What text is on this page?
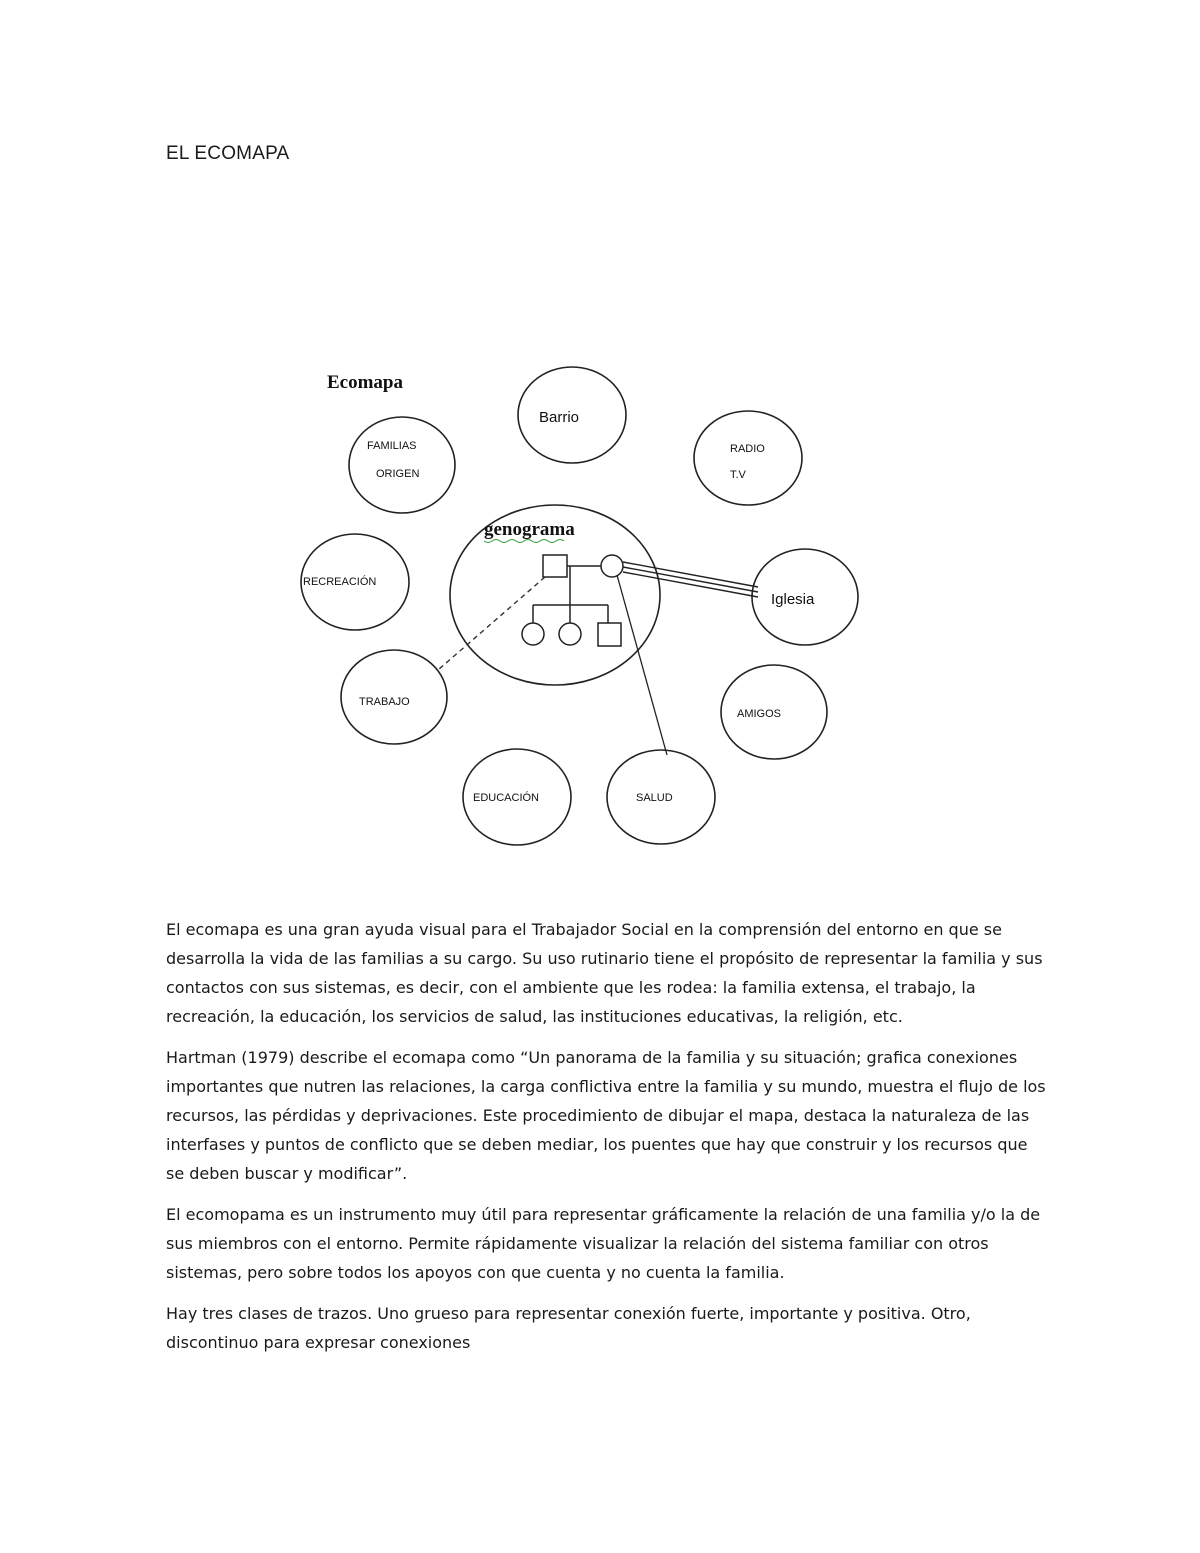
EL ECOMAPA
Ecomapa
genograma
Barrio
FAMILIAS
ORIGEN
RADIO
T.V
RECREACIÓN
Iglesia
TRABAJO
AMIGOS
EDUCACIÓN	SALUD

El ecomapa es una gran ayuda visual para el Trabajador Social en la comprensión del entorno en que se desarrolla la vida de las familias a su cargo. Su uso rutinario tiene el propósito de representar la familia y sus contactos con sus sistemas, es decir, con el ambiente que les rodea: la familia extensa, el trabajo, la recreación, la educación, los servicios de salud, las instituciones educativas, la religión, etc.

Hartman (1979) describe el ecomapa como “Un panorama de la familia y su situación; grafica conexiones importantes que nutren las relaciones, la carga conflictiva entre la familia y su mundo, muestra el flujo de los recursos, las pérdidas y deprivaciones. Este procedimiento de dibujar el mapa, destaca la naturaleza de las interfases y puntos de conflicto que se deben mediar, los puentes que hay que construir y los recursos que se deben buscar y modificar”.

El ecomopama es un instrumento muy útil para representar gráficamente la relación de una familia y/o la de sus miembros con el entorno. Permite rápidamente visualizar la relación del sistema familiar con otros sistemas, pero sobre todos los apoyos con que cuenta y no cuenta la familia.

Hay tres clases de trazos. Uno grueso para representar conexión fuerte, importante y positiva. Otro, discontinuo para expresar conexiones
